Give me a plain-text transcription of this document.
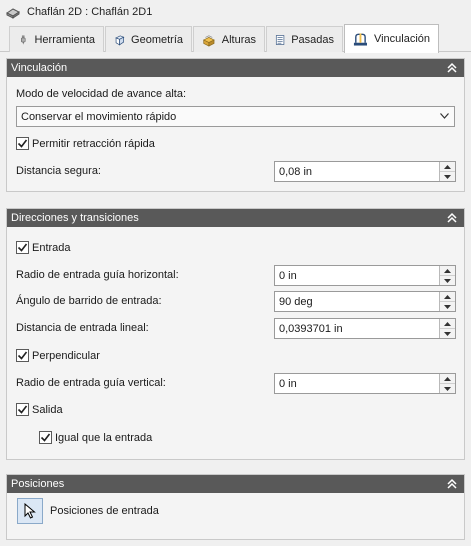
Chaflán 2D : Chaflán 2D1
Herramienta	Geometría	Alturas	Pasadas	Vinculación
Vinculación
Modo de velocidad de avance alta:
Conservar el movimiento rápido
Permitir retracción rápida
Distancia segura:	0,08 in
Direcciones y transiciones
Entrada
Radio de entrada guía horizontal:	0 in
Ángulo de barrido de entrada:	90 deg
Distancia de entrada lineal:	0,0393701 in
Perpendicular
Radio de entrada guía vertical:	0 in
Salida
Igual que la entrada
Posiciones
Posiciones de entrada
